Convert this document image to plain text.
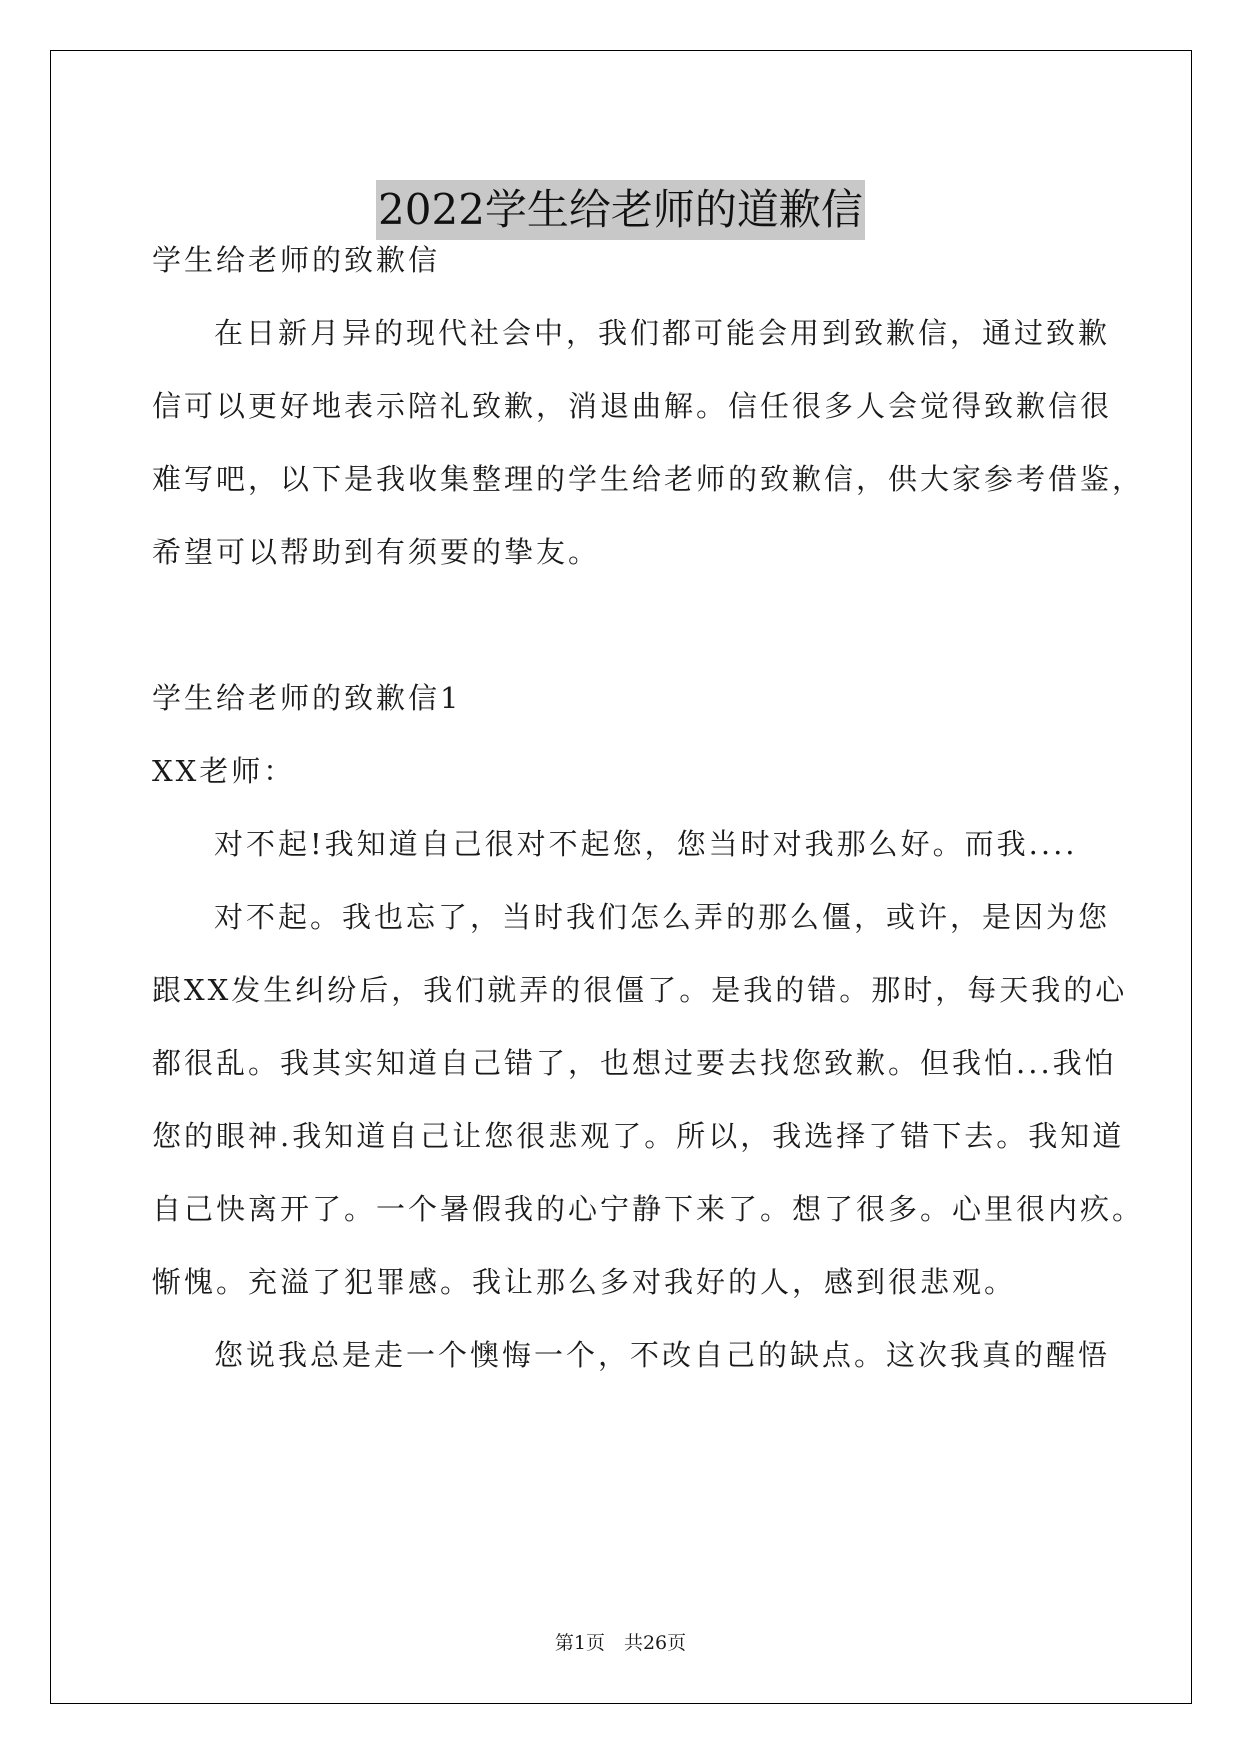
2022学生给老师的道歉信
学生给老师的致歉信
在日新月异的现代社会中，我们都可能会用到致歉信，通过致歉
信可以更好地表示陪礼致歉，消退曲解。信任很多人会觉得致歉信很
难写吧，以下是我收集整理的学生给老师的致歉信，供大家参考借鉴，
希望可以帮助到有须要的挚友。
学生给老师的致歉信1
XX老师：
对不起!我知道自己很对不起您，您当时对我那么好。而我....
对不起。我也忘了，当时我们怎么弄的那么僵，或许，是因为您
跟XX发生纠纷后，我们就弄的很僵了。是我的错。那时，每天我的心
都很乱。我其实知道自己错了，也想过要去找您致歉。但我怕...我怕
您的眼神.我知道自己让您很悲观了。所以，我选择了错下去。我知道
自己快离开了。一个暑假我的心宁静下来了。想了很多。心里很内疚。
惭愧。充溢了犯罪感。我让那么多对我好的人，感到很悲观。
您说我总是走一个懊悔一个，不改自己的缺点。这次我真的醒悟
第1页　共26页
